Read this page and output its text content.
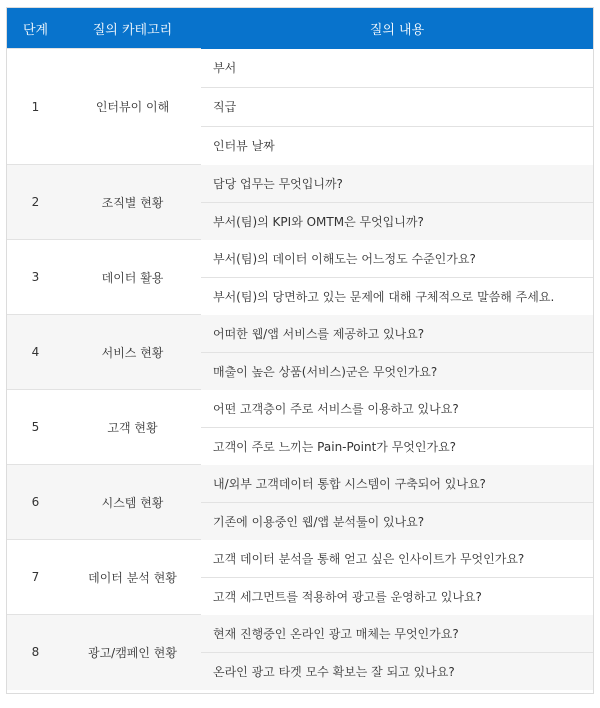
단계	질의 카테고리	질의 내용
1	인터뷰이 이해	부서
		직급
		인터뷰 날짜
2	조직별 현황	담당 업무는 무엇입니까?
		부서(팀)의 KPI와 OMTM은 무엇입니까?
3	데이터 활용	부서(팀)의 데이터 이해도는 어느정도 수준인가요?
		부서(팀)의 당면하고 있는 문제에 대해 구체적으로 말씀해 주세요.
4	서비스 현황	어떠한 웹/앱 서비스를 제공하고 있나요?
		매출이 높은 상품(서비스)군은 무엇인가요?
5	고객 현황	어떤 고객층이 주로 서비스를 이용하고 있나요?
		고객이 주로 느끼는 Pain-Point가 무엇인가요?
6	시스템 현황	내/외부 고객데이터 통합 시스템이 구축되어 있나요?
		기존에 이용중인 웹/앱 분석툴이 있나요?
7	데이터 분석 현황	고객 데이터 분석을 통해 얻고 싶은 인사이트가 무엇인가요?
		고객 세그먼트를 적용하여 광고를 운영하고 있나요?
8	광고/캠페인 현황	현재 진행중인 온라인 광고 매체는 무엇인가요?
		온라인 광고 타겟 모수 확보는 잘 되고 있나요?
